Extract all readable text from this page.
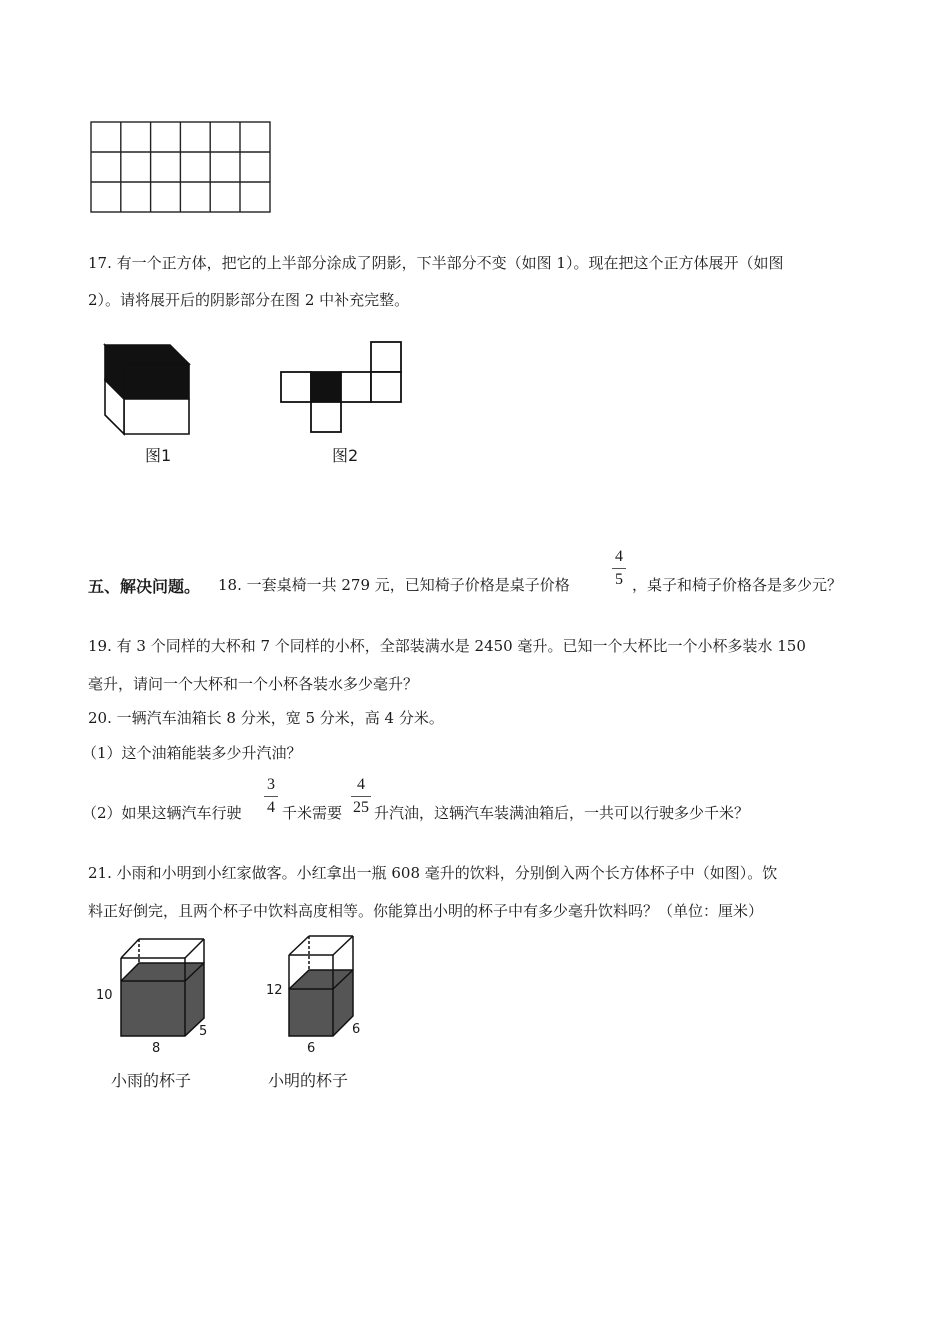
17. 有一个正方体，把它的上半部分涂成了阴影，下半部分不变（如图 1）。现在把这个正方体展开（如图
2）。请将展开后的阴影部分在图 2 中补充完整。
图1	图2
五、解决问题。 18. 一套桌椅一共 279 元，已知椅子价格是桌子价格
4
5 ，桌子和椅子价格各是多少元？
19. 有 3 个同样的大杯和 7 个同样的小杯，全部装满水是 2450 毫升。已知一个大杯比一个小杯多装水 150
毫升，请问一个大杯和一个小杯各装水多少毫升？
20. 一辆汽车油箱长 8 分米，宽 5 分米，高 4 分米。
（1）这个油箱能装多少升汽油？
（2）如果这辆汽车行驶
3
4 千米需要
4
25 升汽油，这辆汽车装满油箱后，一共可以行驶多少千米？
21. 小雨和小明到小红家做客。小红拿出一瓶 608 毫升的饮料，分别倒入两个长方体杯子中（如图）。饮
料正好倒完，且两个杯子中饮料高度相等。你能算出小明的杯子中有多少毫升饮料吗？（单位：厘米）
10
5
8
小雨的杯子
12
6
6
小明的杯子
